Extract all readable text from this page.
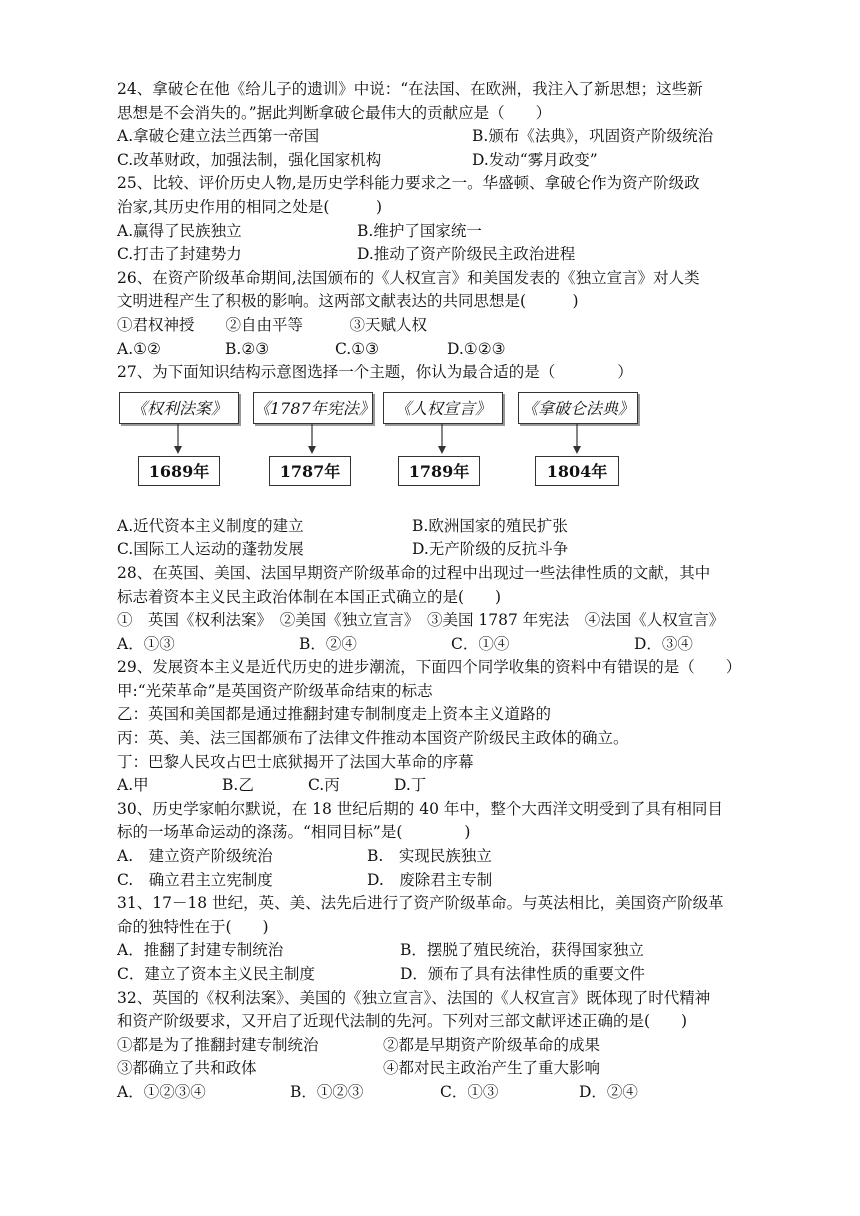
24、拿破仑在他《给儿子的遗训》中说：“在法国、在欧洲，我注入了新思想；这些新
思想是不会消失的。”据此判断拿破仑最伟大的贡献应是（　　）
A.拿破仑建立法兰西第一帝国	B.颁布《法典》，巩固资产阶级统治
C.改革财政，加强法制，强化国家机构	D.发动“雾月政变”
25、比较、评价历史人物,是历史学科能力要求之一。华盛顿、拿破仑作为资产阶级政
治家,其历史作用的相同之处是(　　　)
A.赢得了民族独立	B.维护了国家统一
C.打击了封建势力	D.推动了资产阶级民主政治进程
26、在资产阶级革命期间,法国颁布的《人权宣言》和美国发表的《独立宣言》对人类
文明进程产生了积极的影响。这两部文献表达的共同思想是(　　　)
①君权神授　　②自由平等　　　③天赋人权
A.①②	B.②③	C.①③	D.①②③
27、为下面知识结构示意图选择一个主题，你认为最合适的是（　　　　）
《权利法案》	《1787年宪法》	《人权宣言》	《拿破仑法典》
1689年	1787年	1789年	1804年
A.近代资本主义制度的建立	B.欧洲国家的殖民扩张
C.国际工人运动的蓬勃发展	D.无产阶级的反抗斗争
28、在英国、美国、法国早期资产阶级革命的过程中出现过一些法律性质的文献，其中
标志着资本主义民主政治体制在本国正式确立的是(　　)
①　英国《权利法案》　②美国《独立宣言》　③美国 1787 年宪法　④法国《人权宣言》
A．①③	B．②④	C．①④	D．③④
29、发展资本主义是近代历史的进步潮流，下面四个同学收集的资料中有错误的是（　　）
甲:“光荣革命”是英国资产阶级革命结束的标志
乙：英国和美国都是通过推翻封建专制制度走上资本主义道路的
丙：英、美、法三国都颁布了法律文件推动本国资产阶级民主政体的确立。
丁：巴黎人民攻占巴士底狱揭开了法国大革命的序幕
A.甲	B.乙	C.丙	D.丁
30、历史学家帕尔默说，在 18 世纪后期的 40 年中，整个大西洋文明受到了具有相同目
标的一场革命运动的涤荡。“相同目标”是(　　　　)
A.　建立资产阶级统治	B.　实现民族独立
C.　确立君主立宪制度	D.　废除君主专制
31、17－18 世纪，英、美、法先后进行了资产阶级革命。与英法相比，美国资产阶级革
命的独特性在于(　　)
A．推翻了封建专制统治	B．摆脱了殖民统治，获得国家独立
C．建立了资本主义民主制度	D．颁布了具有法律性质的重要文件
32、英国的《权利法案》、美国的《独立宣言》、法国的《人权宣言》既体现了时代精神
和资产阶级要求，又开启了近现代法制的先河。下列对三部文献评述正确的是(　　)
①都是为了推翻封建专制统治	②都是早期资产阶级革命的成果
③都确立了共和政体	④都对民主政治产生了重大影响
A．①②③④	B．①②③	C．①③	D．②④
